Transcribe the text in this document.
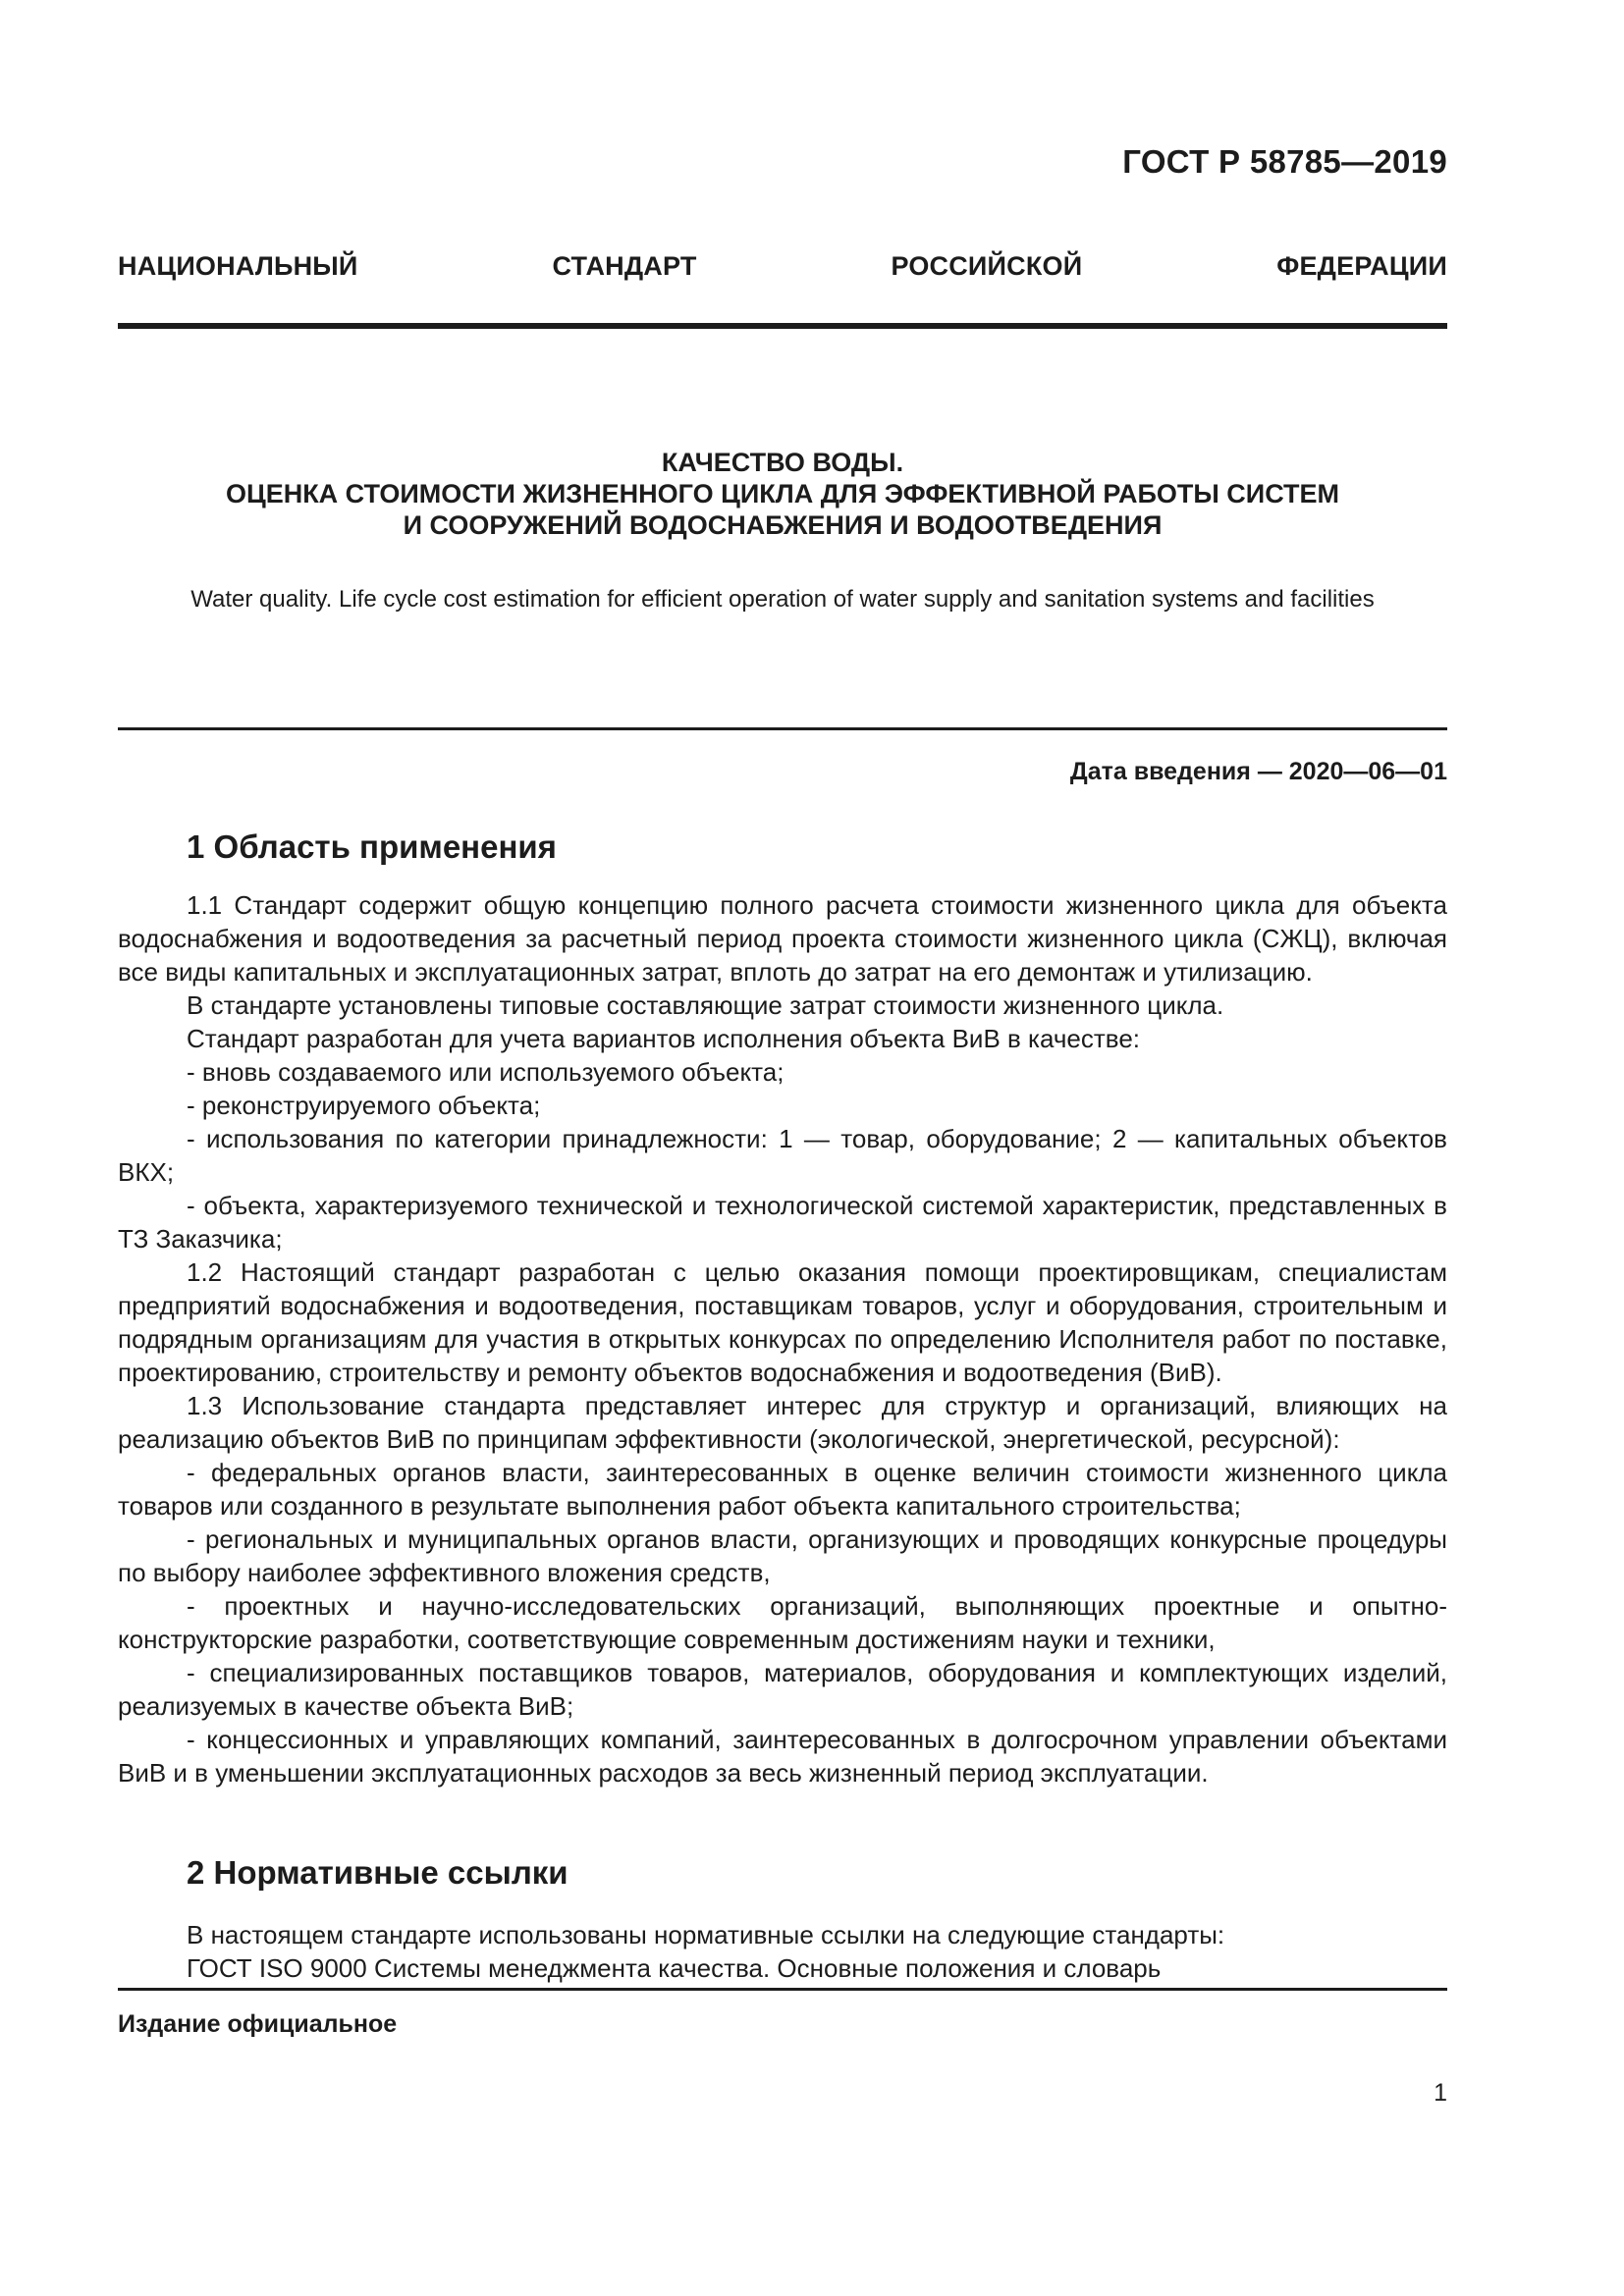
ГОСТ Р 58785—2019

НАЦИОНАЛЬНЫЙ СТАНДАРТ РОССИЙСКОЙ ФЕДЕРАЦИИ

КАЧЕСТВО ВОДЫ.
ОЦЕНКА СТОИМОСТИ ЖИЗНЕННОГО ЦИКЛА ДЛЯ ЭФФЕКТИВНОЙ РАБОТЫ СИСТЕМ
И СООРУЖЕНИЙ ВОДОСНАБЖЕНИЯ И ВОДООТВЕДЕНИЯ

Water quality. Life cycle cost estimation for efficient operation of water supply and sanitation systems and facilities

Дата введения — 2020—06—01

1 Область применения

1.1 Стандарт содержит общую концепцию полного расчета стоимости жизненного цикла для объекта водоснабжения и водоотведения за расчетный период проекта стоимости жизненного цикла (СЖЦ), включая все виды капитальных и эксплуатационных затрат, вплоть до затрат на его демонтаж и утилизацию.

В стандарте установлены типовые составляющие затрат стоимости жизненного цикла.

Стандарт разработан для учета вариантов исполнения объекта ВиВ в качестве:

- вновь создаваемого или используемого объекта;

- реконструируемого объекта;

- использования по категории принадлежности: 1 — товар, оборудование; 2 — капитальных объектов ВКХ;

- объекта, характеризуемого технической и технологической системой характеристик, представленных в ТЗ Заказчика;

1.2 Настоящий стандарт разработан с целью оказания помощи проектировщикам, специалистам предприятий водоснабжения и водоотведения, поставщикам товаров, услуг и оборудования, строительным и подрядным организациям для участия в открытых конкурсах по определению Исполнителя работ по поставке, проектированию, строительству и ремонту объектов водоснабжения и водоотведения (ВиВ).

1.3 Использование стандарта представляет интерес для структур и организаций, влияющих на реализацию объектов ВиВ по принципам эффективности (экологической, энергетической, ресурсной):

- федеральных органов власти, заинтересованных в оценке величин стоимости жизненного цикла товаров или созданного в результате выполнения работ объекта капитального строительства;

- региональных и муниципальных органов власти, организующих и проводящих конкурсные процедуры по выбору наиболее эффективного вложения средств,

- проектных и научно-исследовательских организаций, выполняющих проектные и опытно-конструкторские разработки, соответствующие современным достижениям науки и техники,

- специализированных поставщиков товаров, материалов, оборудования и комплектующих изделий, реализуемых в качестве объекта ВиВ;

- концессионных и управляющих компаний, заинтересованных в долгосрочном управлении объектами ВиВ и в уменьшении эксплуатационных расходов за весь жизненный период эксплуатации.

2 Нормативные ссылки

В настоящем стандарте использованы нормативные ссылки на следующие стандарты:

ГОСТ ISO 9000 Системы менеджмента качества. Основные положения и словарь

Издание официальное

1
